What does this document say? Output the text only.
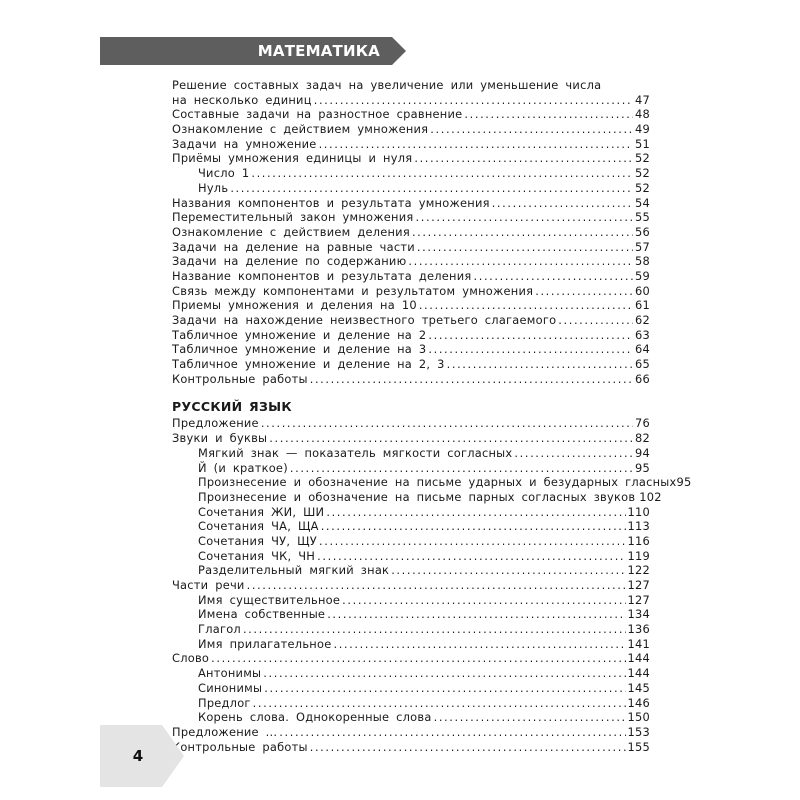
МАТЕМАТИКА
Решение составных задач на увеличение или уменьшение числа
на несколько единиц .....	47
Составные задачи на разностное сравнение .....	48
Ознакомление с действием умножения .....	49
Задачи на умножение .....	51
Приёмы умножения единицы и нуля .....	52
Число 1 .....	52
Нуль .....	52
Названия компонентов и результата умножения .....	54
Переместительный закон умножения .....	55
Ознакомление с действием деления .....	56
Задачи на деление на равные части .....	57
Задачи на деление по содержанию .....	58
Название компонентов и результата деления .....	59
Связь между компонентами и результатом умножения .....	60
Приемы умножения и деления на 10 .....	61
Задачи на нахождение неизвестного третьего слагаемого .....	62
Табличное умножение и деление на 2 .....	63
Табличное умножение и деление на 3 .....	64
Табличное умножение и деление на 2, 3 .....	65
Контрольные работы .....	66
РУССКИЙ ЯЗЫК
Предложение .....	76
Звуки и буквы .....	82
Мягкий знак — показатель мягкости согласных .....	94
Й (и краткое) .....	95
Произнесение и обозначение на письме ударных и безударных гласных 95
Произнесение и обозначение на письме парных согласных звуков 102
Сочетания ЖИ, ШИ .....	110
Сочетания ЧА, ЩА .....	113
Сочетания ЧУ, ЩУ .....	116
Сочетания ЧК, ЧН .....	119
Разделительный мягкий знак .....	122
Части речи .....	127
Имя существительное .....	127
Имена собственные .....	134
Глагол .....	136
Имя прилагательное .....	141
Слово .....	144
Антонимы .....	144
Синонимы .....	145
Предлог .....	146
Корень слова. Однокоренные слова .....	150
Предложение ... .....	153
Контрольные работы .....	155
4
